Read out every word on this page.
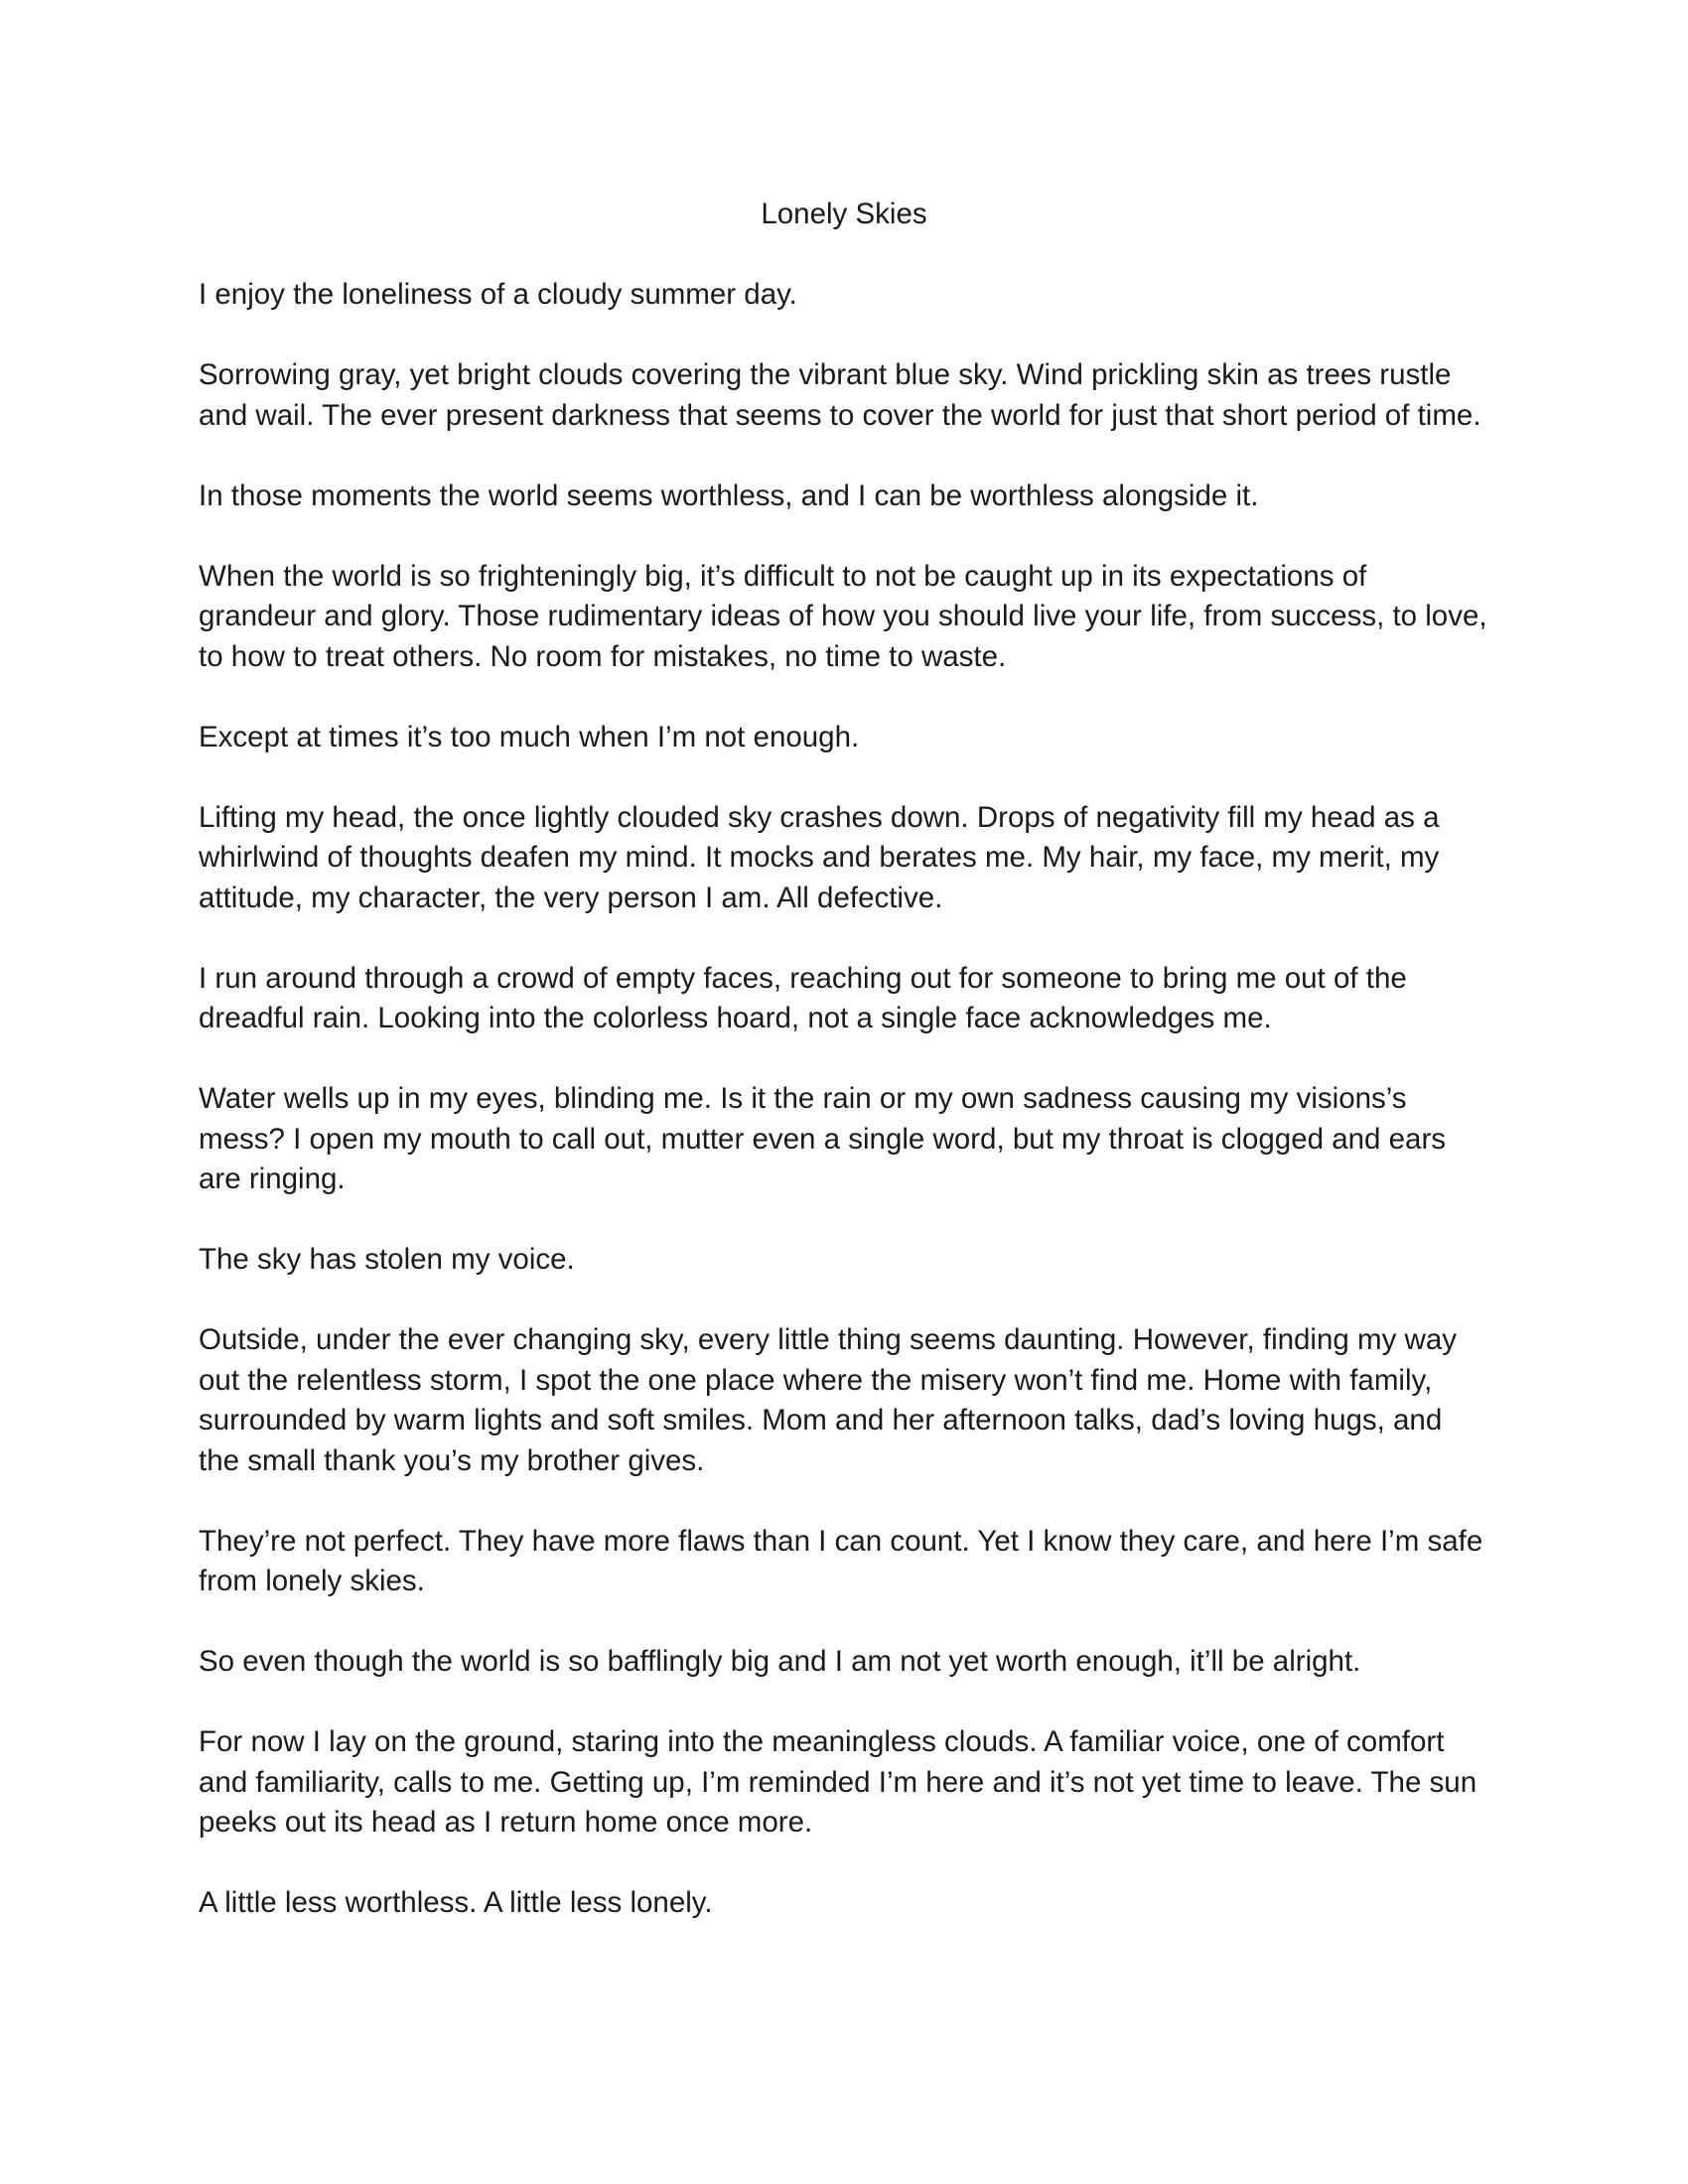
Lonely Skies

I enjoy the loneliness of a cloudy summer day.

Sorrowing gray, yet bright clouds covering the vibrant blue sky. Wind prickling skin as trees rustle and wail. The ever present darkness that seems to cover the world for just that short period of time.

In those moments the world seems worthless, and I can be worthless alongside it.

When the world is so frighteningly big, it’s difficult to not be caught up in its expectations of grandeur and glory. Those rudimentary ideas of how you should live your life, from success, to love, to how to treat others. No room for mistakes, no time to waste.

Except at times it’s too much when I’m not enough.

Lifting my head, the once lightly clouded sky crashes down. Drops of negativity fill my head as a whirlwind of thoughts deafen my mind. It mocks and berates me. My hair, my face, my merit, my attitude, my character, the very person I am. All defective.

I run around through a crowd of empty faces, reaching out for someone to bring me out of the dreadful rain. Looking into the colorless hoard, not a single face acknowledges me.

Water wells up in my eyes, blinding me. Is it the rain or my own sadness causing my visions’s mess? I open my mouth to call out, mutter even a single word, but my throat is clogged and ears are ringing.

The sky has stolen my voice.

Outside, under the ever changing sky, every little thing seems daunting. However, finding my way out the relentless storm, I spot the one place where the misery won’t find me. Home with family, surrounded by warm lights and soft smiles. Mom and her afternoon talks, dad’s loving hugs, and the small thank you’s my brother gives.

They’re not perfect. They have more flaws than I can count. Yet I know they care, and here I’m safe from lonely skies.

So even though the world is so bafflingly big and I am not yet worth enough, it’ll be alright.

For now I lay on the ground, staring into the meaningless clouds. A familiar voice, one of comfort and familiarity, calls to me. Getting up, I’m reminded I’m here and it’s not yet time to leave. The sun peeks out its head as I return home once more.

A little less worthless. A little less lonely.
